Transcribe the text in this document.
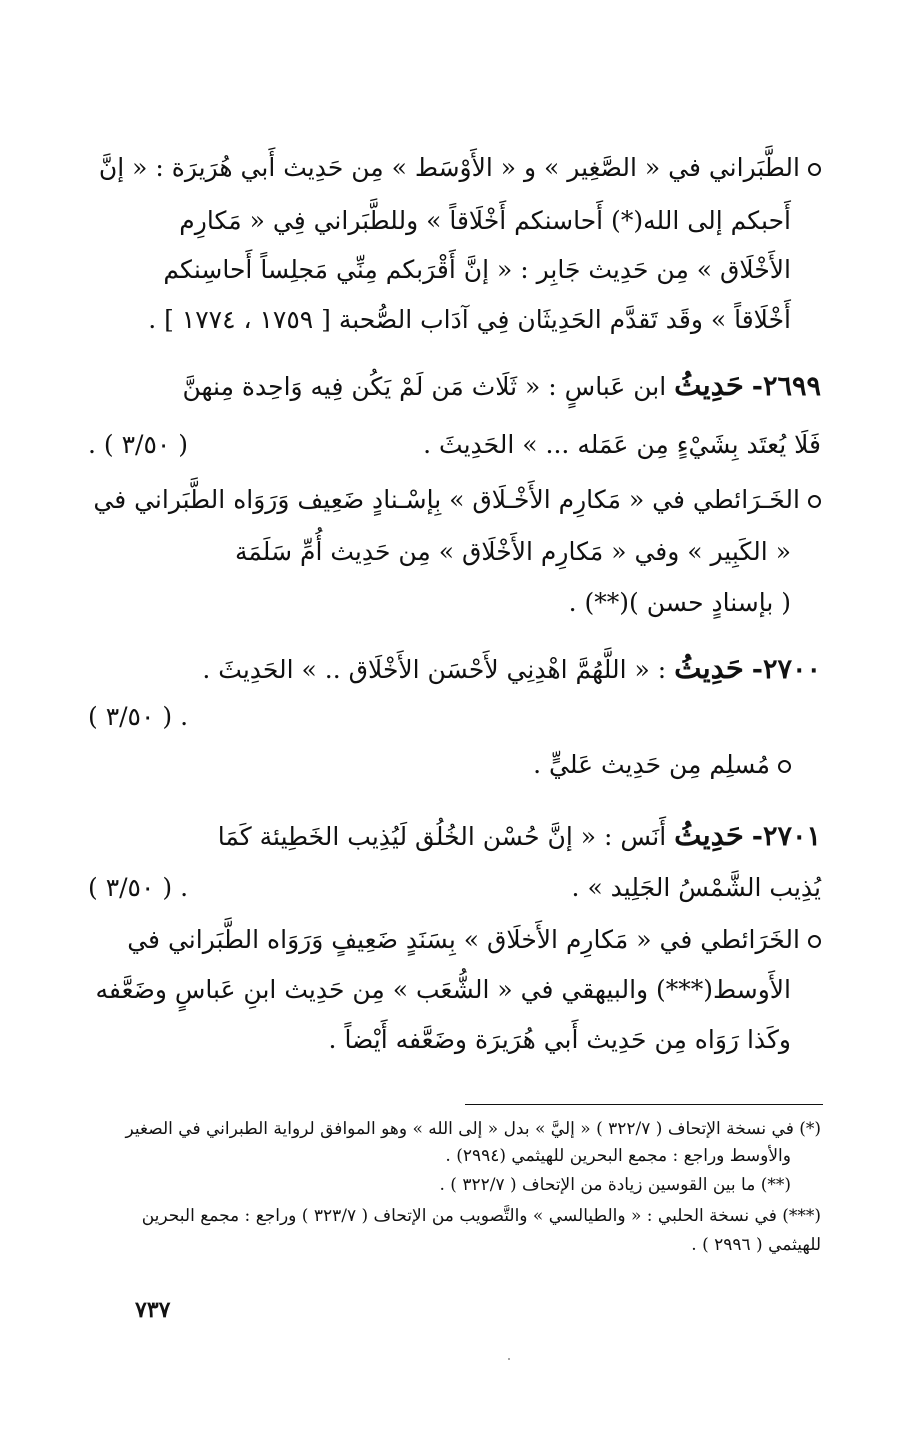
الطَّبَراني في « الصَّغِير » و « الأَوْسَط » مِن حَدِيث أَبي هُرَيرَة : « إنَّ
أَحبكم إلى الله(*) أَحاسنكم أَخْلَاقاً » وللطَّبَراني فِي « مَكارِم
الأَخْلَاق » مِن حَدِيث جَابِر : « إنَّ أَقْرَبكم مِنِّي مَجلِساً أَحاسِنكم
أَخْلَاقاً » وقَد تَقدَّم الحَدِيثَان فِي آدَاب الصُّحبة [ ١٧٥٩ ، ١٧٧٤ ] .
٢٦٩٩- حَدِيثُ ابن عَباسٍ : « ثَلَاث مَن لَمْ يَكُن فِيه وَاحِدة مِنهنَّ
فَلَا يُعتَد بِشَيْءٍ مِن عَمَله ... » الحَدِيثَ .
( ٣/٥٠ ) .
الخَـرَائطي في « مَكارِم الأَخْـلَاق » بِإسْـنادٍ ضَعِيف وَرَوَاه الطَّبَراني في
« الكَبِير » وفي « مَكارِم الأَخْلَاق » مِن حَدِيث أُمِّ سَلَمَة
( بإسنادٍ حسن )(**) .
٢٧٠٠- حَدِيثُ : « اللَّهُمَّ اهْدِنِي لأَحْسَن الأَخْلَاق .. » الحَدِيثَ .
. ( ٣/٥٠ )
مُسلِم مِن حَدِيث عَليٍّ .
٢٧٠١- حَدِيثُ أَنَس : « إنَّ حُسْن الخُلُق لَيُذِيب الخَطِيئة كَمَا
يُذِيب الشَّمْسُ الجَلِيد » .
. ( ٣/٥٠ )
الخَرَائطي في « مَكارِم الأَخلَاق » بِسَنَدٍ ضَعِيفٍ وَرَوَاه الطَّبَراني في
الأَوسط(***) والبيهقي في « الشُّعَب » مِن حَدِيث ابنِ عَباسٍ وضَعَّفه
وكَذا رَوَاه مِن حَدِيث أَبي هُرَيرَة وضَعَّفه أَيْضاً .
(*) في نسخة الإتحاف ( ٣٢٢/٧ ) « إليَّ » بدل « إلى الله » وهو الموافق لرواية الطبراني في الصغير
والأوسط وراجع : مجمع البحرين للهيثمي (٢٩٩٤) .
(**) ما بين القوسين زيادة من الإتحاف ( ٣٢٢/٧ ) .
(***) في نسخة الحلبي : « والطيالسي » والتَّصويب من الإتحاف ( ٣٢٣/٧ ) وراجع : مجمع البحرين
للهيثمي ( ٢٩٩٦ ) .
٧٣٧
